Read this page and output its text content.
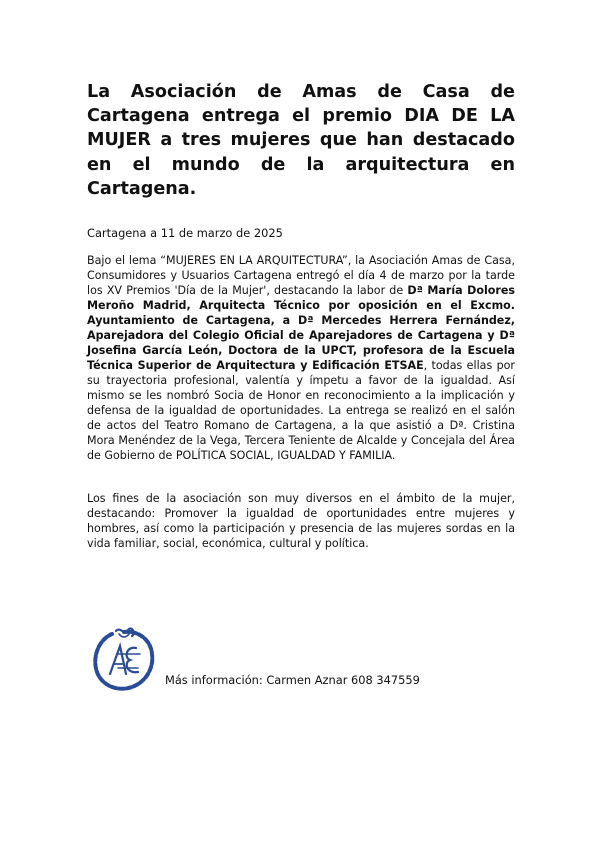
La Asociación de Amas de Casa de Cartagena entrega el premio DIA DE LA MUJER a tres mujeres que han destacado en el mundo de la arquitectura en Cartagena.

Cartagena a 11 de marzo de 2025

Bajo el lema “MUJERES EN LA ARQUITECTURA”, la Asociación Amas de Casa, Consumidores y Usuarios Cartagena entregó el día 4 de marzo por la tarde los XV Premios 'Día de la Mujer', destacando la labor de Dª María Dolores Meroño Madrid, Arquitecta Técnico por oposición en el Excmo. Ayuntamiento de Cartagena, a Dª Mercedes Herrera Fernández, Aparejadora del Colegio Oficial de Aparejadores de Cartagena y Dª Josefina García León, Doctora de la UPCT, profesora de la Escuela Técnica Superior de Arquitectura y Edificación ETSAE, todas ellas por su trayectoria profesional, valentía y ímpetu a favor de la igualdad. Así mismo se les nombró Socia de Honor en reconocimiento a la implicación y defensa de la igualdad de oportunidades. La entrega se realizó en el salón de actos del Teatro Romano de Cartagena, a la que asistió a Dª. Cristina Mora Menéndez de la Vega, Tercera Teniente de Alcalde y Concejala del Área de Gobierno de POLÍTICA SOCIAL, IGUALDAD Y FAMILIA.

Los fines de la asociación son muy diversos en el ámbito de la mujer, destacando: Promover la igualdad de oportunidades entre mujeres y hombres, así como la participación y presencia de las mujeres sordas en la vida familiar, social, económica, cultural y política.

Más información: Carmen Aznar 608 347559
